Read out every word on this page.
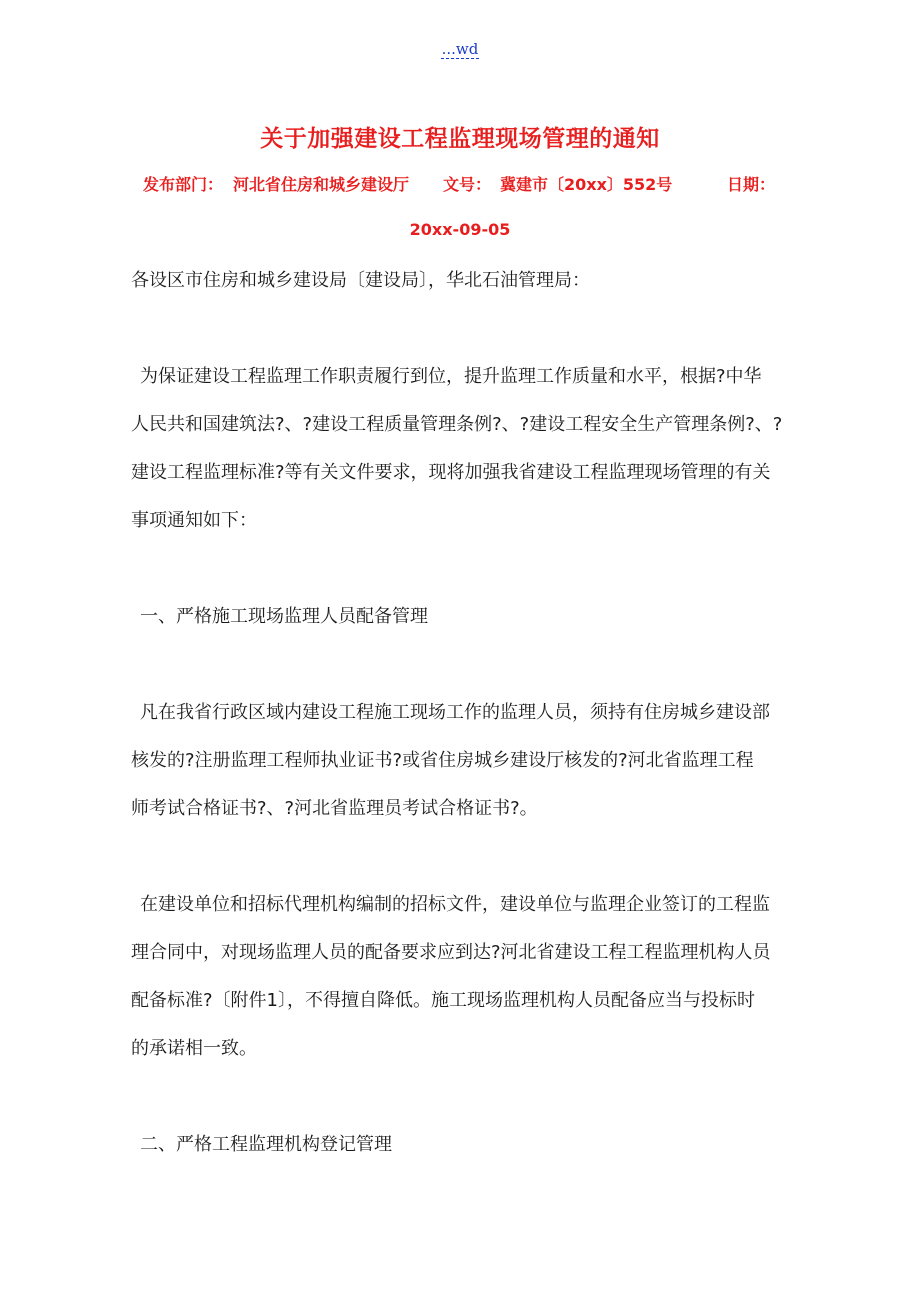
...wd
关于加强建设工程监理现场管理的通知
发布部门： 河北省住房和城乡建设厅 文号： 冀建市〔20xx〕552号	日期：
20xx-09-05
各设区市住房和城乡建设局〔建设局〕，华北石油管理局：
为保证建设工程监理工作职责履行到位，提升监理工作质量和水平，根据?中华
人民共和国建筑法?、?建设工程质量管理条例?、?建设工程安全生产管理条例?、?
建设工程监理标准?等有关文件要求，现将加强我省建设工程监理现场管理的有关
事项通知如下：
一、严格施工现场监理人员配备管理
凡在我省行政区域内建设工程施工现场工作的监理人员，须持有住房城乡建设部
核发的?注册监理工程师执业证书?或省住房城乡建设厅核发的?河北省监理工程
师考试合格证书?、?河北省监理员考试合格证书?。
在建设单位和招标代理机构编制的招标文件，建设单位与监理企业签订的工程监
理合同中，对现场监理人员的配备要求应到达?河北省建设工程工程监理机构人员
配备标准?〔附件1〕，不得擅自降低。施工现场监理机构人员配备应当与投标时
的承诺相一致。
二、严格工程监理机构登记管理
